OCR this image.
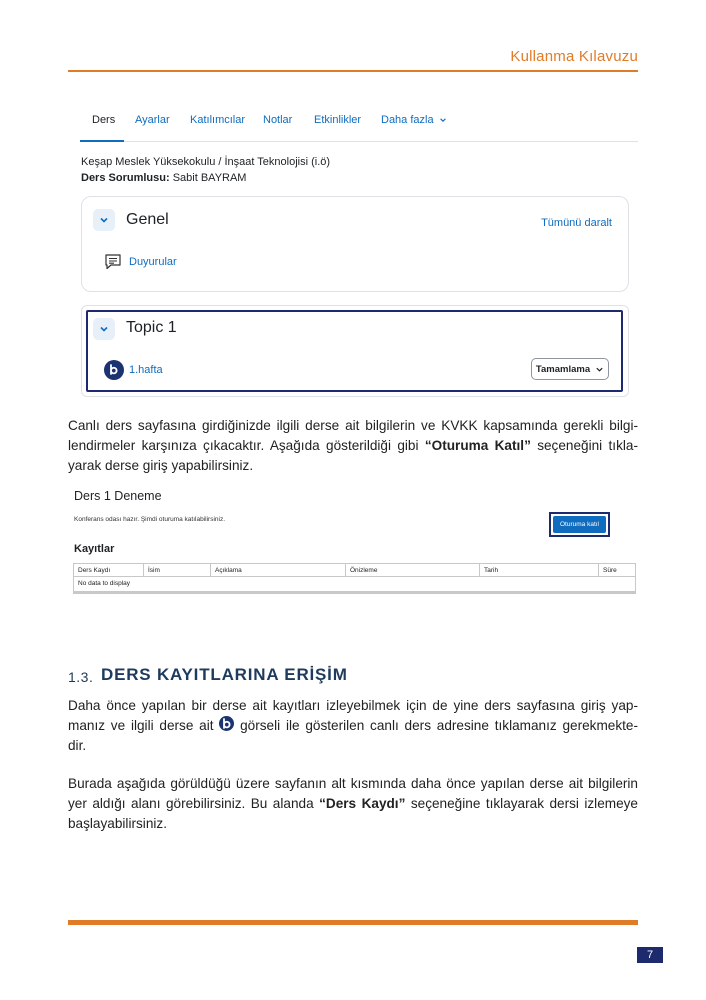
Kullanma Kılavuzu
Ders Ayarlar Katılımcılar Notlar Etkinlikler Daha fazla
Keşap Meslek Yüksekokulu / İnşaat Teknolojisi (i.ö)
Ders Sorumlusu: Sabit BAYRAM
Genel	Tümünü daralt
Duyurular
Topic 1
1.hafta	Tamamlama
Canlı ders sayfasına girdiğinizde ilgili derse ait bilgilerin ve KVKK kapsamında gerekli bilgi-
lendirmeler karşınıza çıkacaktır. Aşağıda gösterildiği gibi “Oturuma Katıl” seçeneğini tıkla-
yarak derse giriş yapabilirsiniz.
Ders 1 Deneme
Konferans odası hazır. Şimdi oturuma katılabilirsiniz.
Oturuma katıl
Kayıtlar
Ders Kaydı	İsim	Açıklama	Önizleme	Tarih	Süre
No data to display
1.3. DERS KAYITLARINA ERİŞİM
Daha önce yapılan bir derse ait kayıtları izleyebilmek için de yine ders sayfasına giriş yap-
manız ve ilgili derse ait
görseli ile gösterilen canlı ders adresine tıklamanız gerekmekte-
dir.
Burada aşağıda görüldüğü üzere sayfanın alt kısmında daha önce yapılan derse ait bilgilerin
yer aldığı alanı görebilirsiniz. Bu alanda “Ders Kaydı” seçeneğine tıklayarak dersi izlemeye
başlayabilirsiniz.
7
